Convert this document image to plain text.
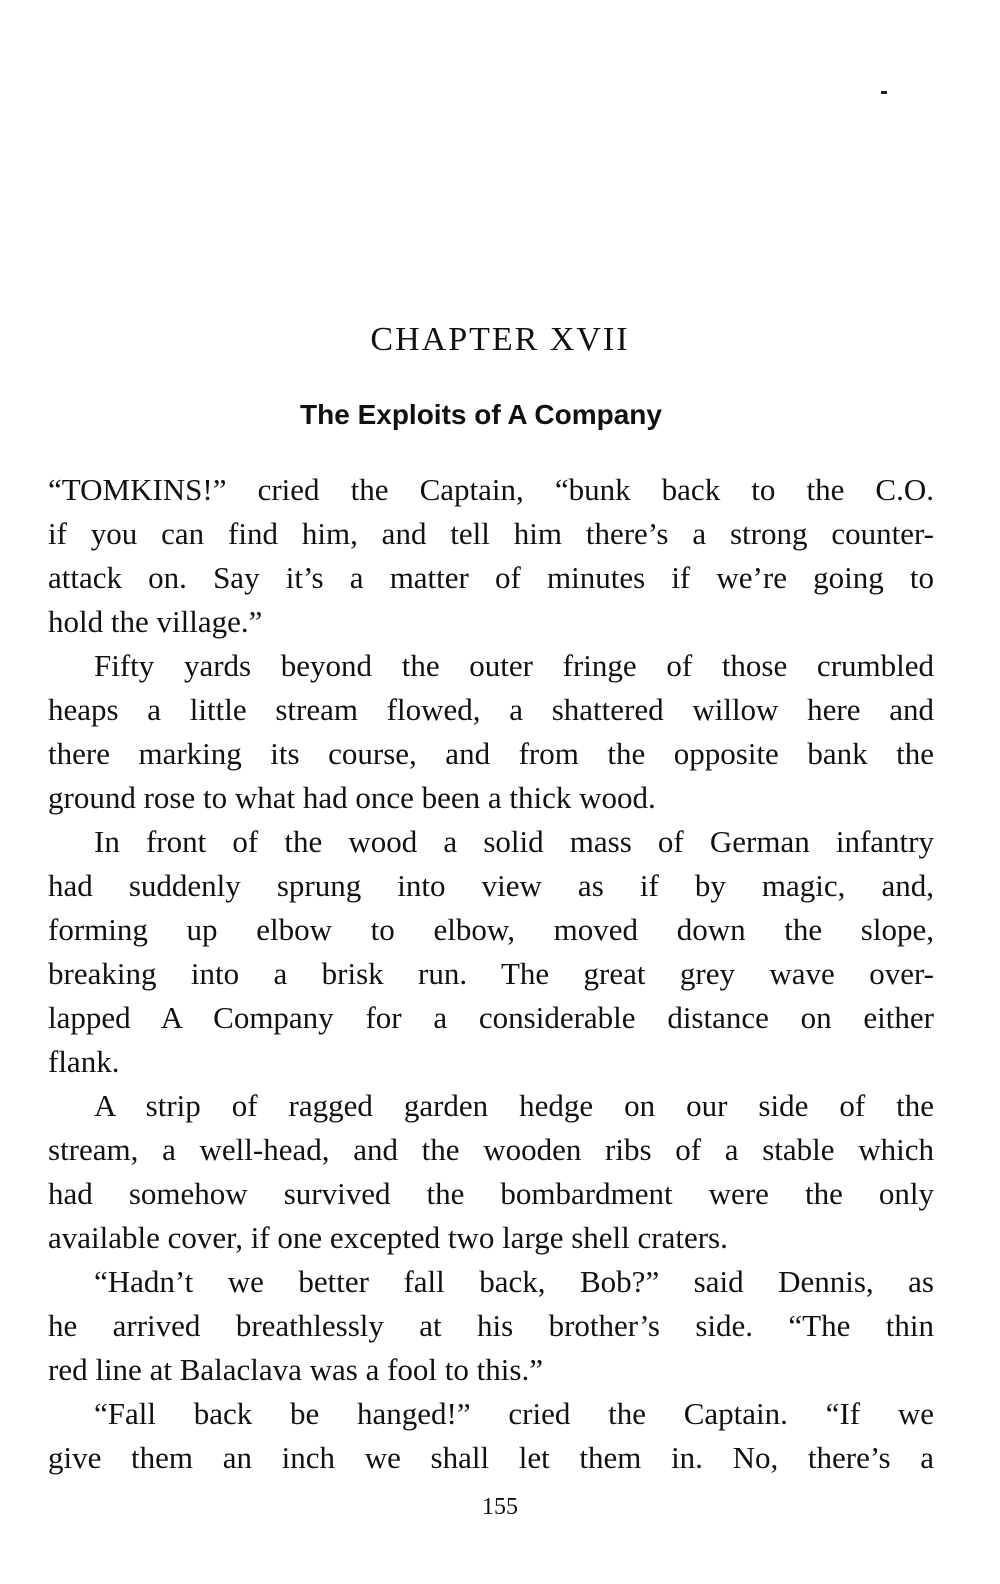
CHAPTER XVII
The Exploits of A Company
“TOMKINS!” cried the Captain, “bunk back to the C.O.
if you can find him, and tell him there’s a strong counter-
attack on. Say it’s a matter of minutes if we’re going to
hold the village.”
Fifty yards beyond the outer fringe of those crumbled
heaps a little stream flowed, a shattered willow here and
there marking its course, and from the opposite bank the
ground rose to what had once been a thick wood.
In front of the wood a solid mass of German infantry
had suddenly sprung into view as if by magic, and,
forming up elbow to elbow, moved down the slope,
breaking into a brisk run. The great grey wave over-
lapped A Company for a considerable distance on either
flank.
A strip of ragged garden hedge on our side of the
stream, a well-head, and the wooden ribs of a stable which
had somehow survived the bombardment were the only
available cover, if one excepted two large shell craters.
“Hadn’t we better fall back, Bob?” said Dennis, as
he arrived breathlessly at his brother’s side. “The thin
red line at Balaclava was a fool to this.”
“Fall back be hanged!” cried the Captain. “If we
give them an inch we shall let them in. No, there’s a
155
